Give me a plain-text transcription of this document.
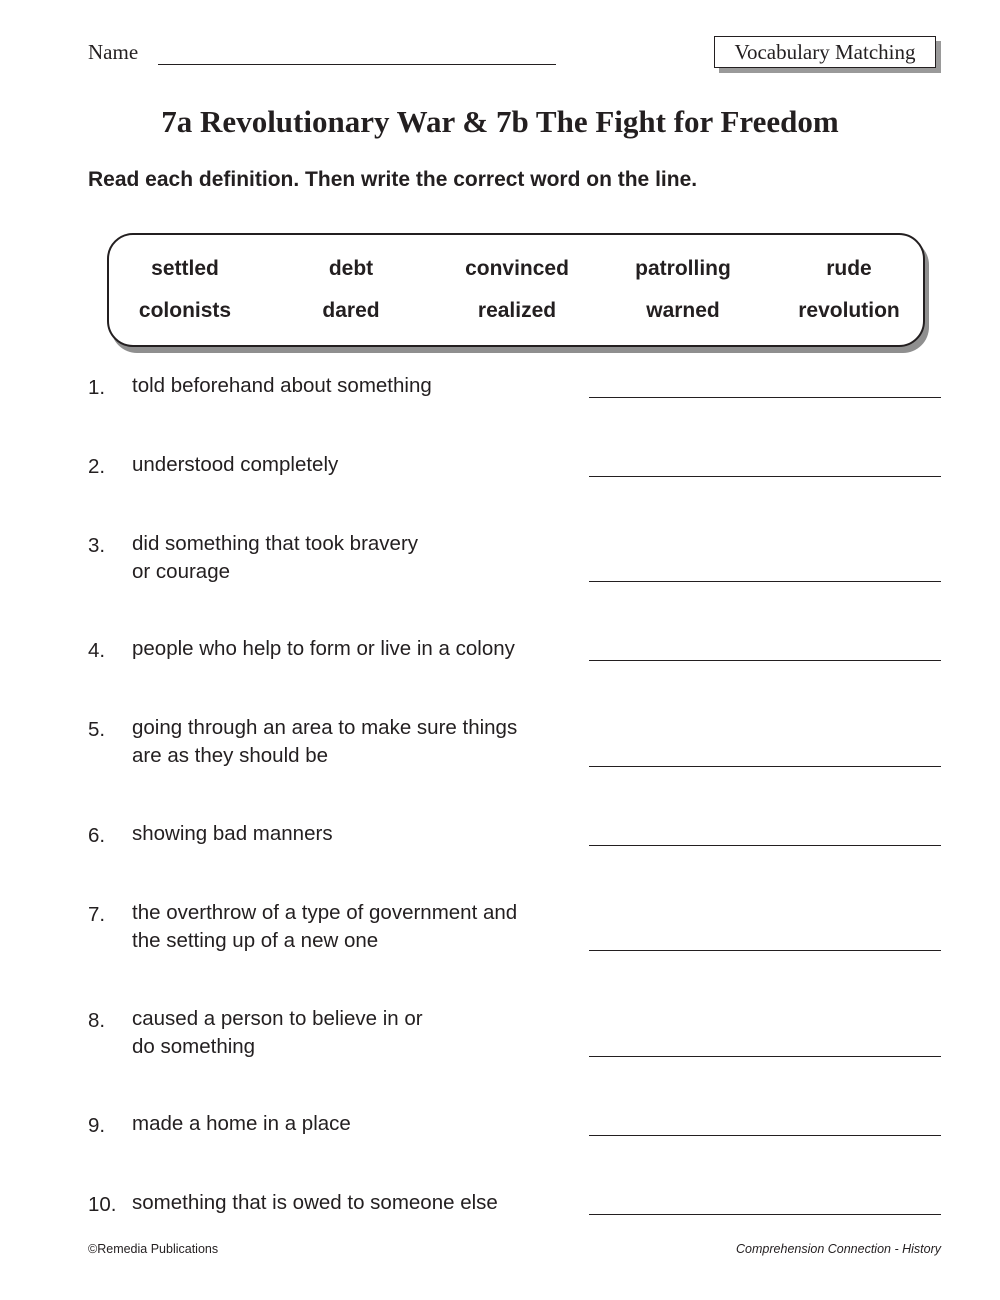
Name	Vocabulary Matching
7a Revolutionary War & 7b The Fight for Freedom
Read each definition. Then write the correct word on the line.
settled	debt	convinced	patrolling	rude
colonists	dared	realized	warned	revolution
1. told beforehand about something
2. understood completely
3. did something that took bravery
or courage
4. people who help to form or live in a colony
5. going through an area to make sure things
are as they should be
6. showing bad manners
7. the overthrow of a type of government and
the setting up of a new one
8. caused a person to believe in or
do something
9. made a home in a place
10. something that is owed to someone else
©Remedia Publications	Comprehension Connection - History
